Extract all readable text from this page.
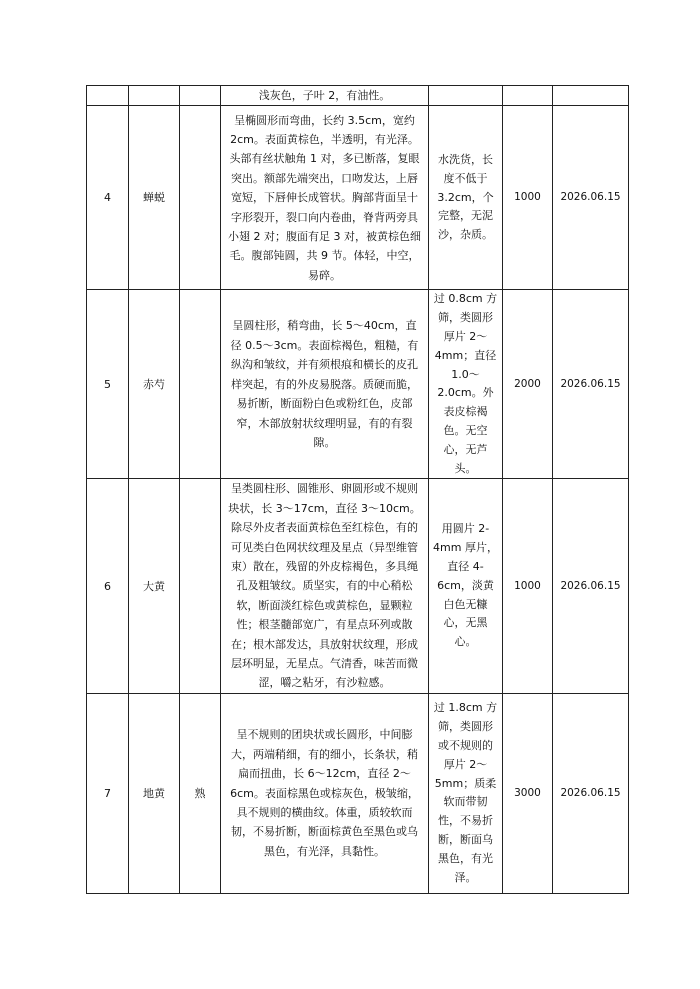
			浅灰色，子叶 2，有油性。			
4	蝉蜕		呈椭圆形而弯曲，长约 3.5cm，宽约 2cm。表面黄棕色，半透明，有光泽。头部有丝状触角 1 对，多已断落，复眼突出。额部先端突出，口吻发达，上唇宽短，下唇伸长成管状。胸部背面呈十字形裂开，裂口向内卷曲，脊背两旁具小翅 2 对；腹面有足 3 对，被黄棕色细毛。腹部钝圆，共 9 节。体轻，中空，易碎。	水洗货，长度不低于 3.2cm，个完整，无泥沙，杂质。	1000	2026.06.15
5	赤芍		呈圆柱形，稍弯曲，长 5～40cm，直径 0.5～3cm。表面棕褐色，粗糙，有纵沟和皱纹，并有须根痕和横长的皮孔样突起，有的外皮易脱落。质硬而脆，易折断，断面粉白色或粉红色，皮部窄，木部放射状纹理明显，有的有裂隙。	过 0.8cm 方筛，类圆形厚片 2～4mm；直径 1.0～2.0cm。外表皮棕褐色。无空心，无芦头。	2000	2026.06.15
6	大黄		呈类圆柱形、圆锥形、卵圆形或不规则块状，长 3～17cm，直径 3～10cm。除尽外皮者表面黄棕色至红棕色，有的可见类白色网状纹理及星点（异型维管束）散在，残留的外皮棕褐色，多具绳孔及粗皱纹。质坚实，有的中心稍松软，断面淡红棕色或黄棕色，显颗粒性；根茎髓部宽广，有星点环列或散在；根木部发达，具放射状纹理，形成层环明显，无星点。气清香，味苦而微涩，嚼之粘牙，有沙粒感。	用圆片 2-4mm 厚片，直径 4-6cm，淡黄白色无糠心，无黑心。	1000	2026.06.15
7	地黄	熟	呈不规则的团块状或长圆形，中间膨大，两端稍细，有的细小，长条状，稍扁而扭曲，长 6～12cm，直径 2～6cm。表面棕黑色或棕灰色，极皱缩，具不规则的横曲纹。体重，质较软而韧，不易折断，断面棕黄色至黑色或乌黑色，有光泽，具黏性。	过 1.8cm 方筛，类圆形或不规则的厚片 2～5mm；质柔软而带韧性，不易折断，断面乌黑色，有光泽。	3000	2026.06.15
